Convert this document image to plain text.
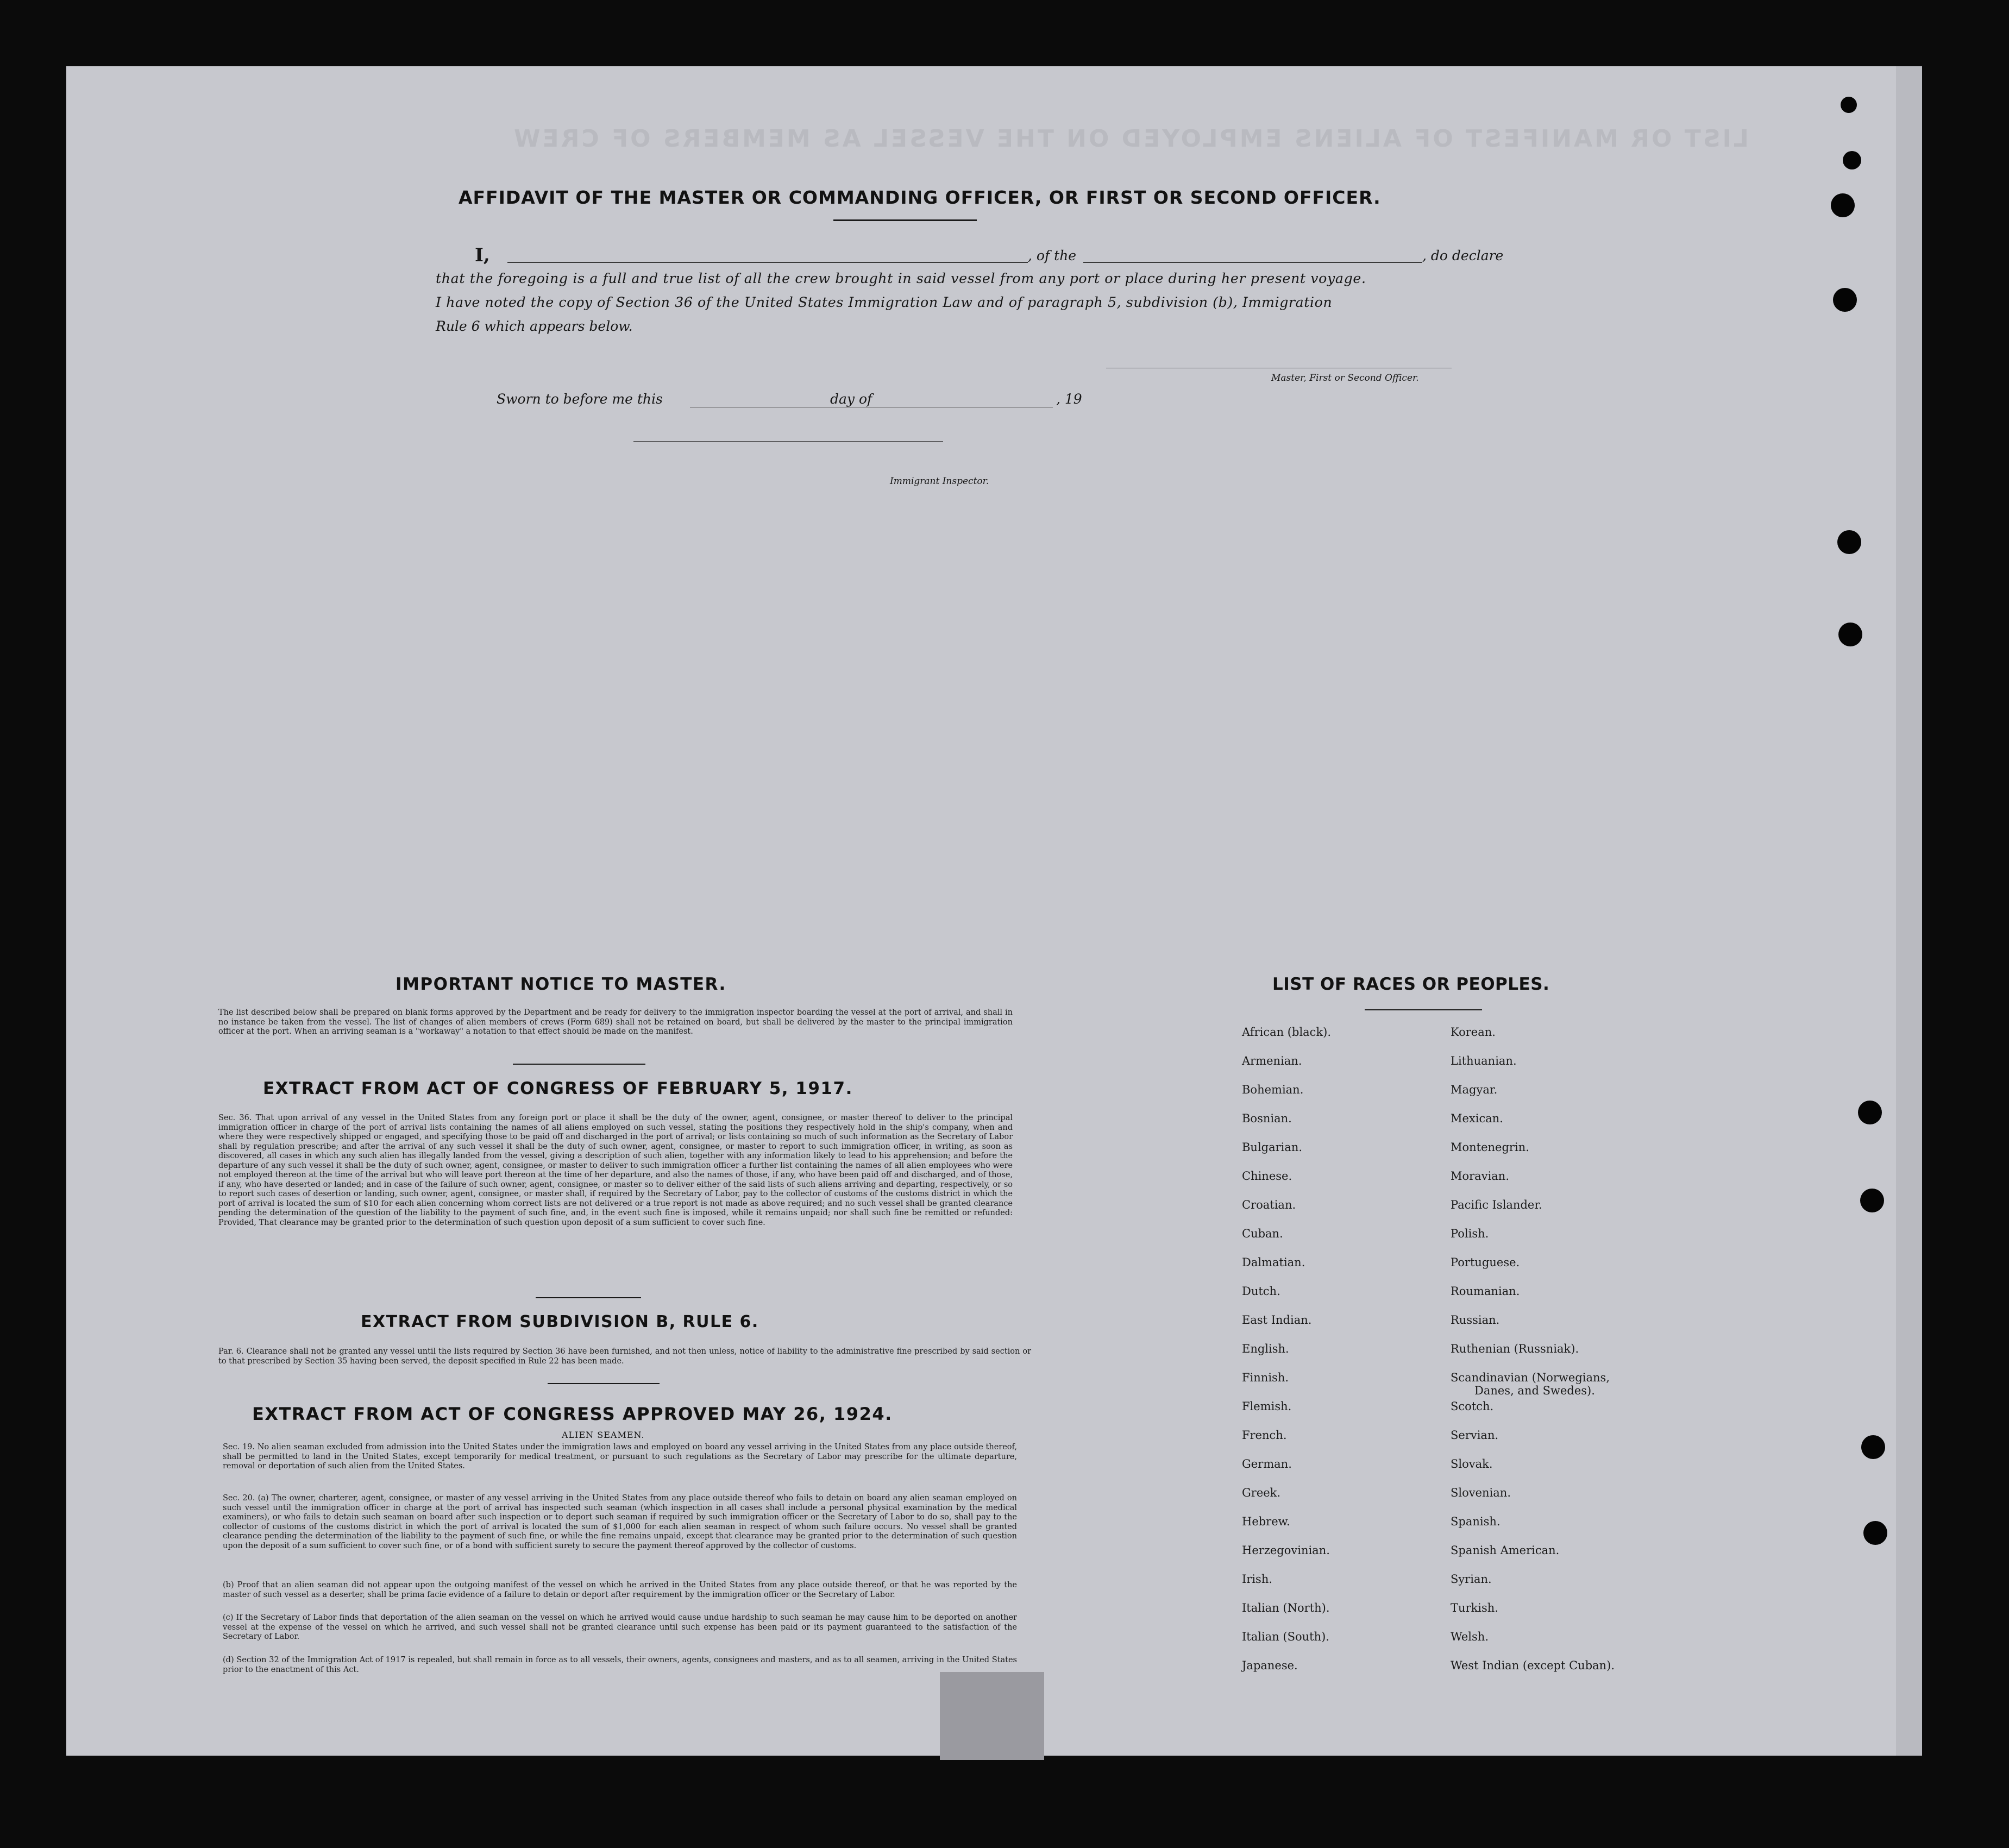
LIST OR MANIFEST OF ALIENS EMPLOYED ON THE VESSEL AS MEMBERS OF CREW
AFFIDAVIT OF THE MASTER OR COMMANDING OFFICER, OR FIRST OR SECOND OFFICER.
I,	, of the	, do declare
that the foregoing is a full and true list of all the crew brought in said vessel from any port or place during her present voyage.
I have noted the copy of Section 36 of the United States Immigration Law and of paragraph 5, subdivision (b), Immigration
Rule 6 which appears below.
Master, First or Second Officer.
Sworn to before me this	day of	, 19
Immigrant Inspector.
IMPORTANT NOTICE TO MASTER.
The list described below shall be prepared on blank forms approved by the Department and be ready for delivery to the immigration inspector boarding the vessel at the port of arrival, and shall in no instance be taken from the vessel. The list of changes of alien members of crews (Form 689) shall not be retained on board, but shall be delivered by the master to the principal immigration officer at the port. When an arriving seaman is a "workaway" a notation to that effect should be made on the manifest.
EXTRACT FROM ACT OF CONGRESS OF FEBRUARY 5, 1917.
Sec. 36. That upon arrival of any vessel in the United States from any foreign port or place it shall be the duty of the owner, agent, consignee, or master thereof to deliver to the principal immigration officer in charge of the port of arrival lists containing the names of all aliens employed on such vessel, stating the positions they respectively hold in the ship's company, when and where they were respectively shipped or engaged, and specifying those to be paid off and discharged in the port of arrival; or lists containing so much of such information as the Secretary of Labor shall by regulation prescribe; and after the arrival of any such vessel it shall be the duty of such owner, agent, consignee, or master to report to such immigration officer, in writing, as soon as discovered, all cases in which any such alien has illegally landed from the vessel, giving a description of such alien, together with any information likely to lead to his apprehension; and before the departure of any such vessel it shall be the duty of such owner, agent, consignee, or master to deliver to such immigration officer a further list containing the names of all alien employees who were not employed thereon at the time of the arrival but who will leave port thereon at the time of her departure, and also the names of those, if any, who have been paid off and discharged, and of those, if any, who have deserted or landed; and in case of the failure of such owner, agent, consignee, or master so to deliver either of the said lists of such aliens arriving and departing, respectively, or so to report such cases of desertion or landing, such owner, agent, consignee, or master shall, if required by the Secretary of Labor, pay to the collector of customs of the customs district in which the port of arrival is located the sum of $10 for each alien concerning whom correct lists are not delivered or a true report is not made as above required; and no such vessel shall be granted clearance pending the determination of the question of the liability to the payment of such fine, and, in the event such fine is imposed, while it remains unpaid; nor shall such fine be remitted or refunded: Provided, That clearance may be granted prior to the determination of such question upon deposit of a sum sufficient to cover such fine.
EXTRACT FROM SUBDIVISION B, RULE 6.
Par. 6. Clearance shall not be granted any vessel until the lists required by Section 36 have been furnished, and not then unless, notice of liability to the administrative fine prescribed by said section or to that prescribed by Section 35 having been served, the deposit specified in Rule 22 has been made.
EXTRACT FROM ACT OF CONGRESS APPROVED MAY 26, 1924.
ALIEN SEAMEN.
Sec. 19. No alien seaman excluded from admission into the United States under the immigration laws and employed on board any vessel arriving in the United States from any place outside thereof, shall be permitted to land in the United States, except temporarily for medical treatment, or pursuant to such regulations as the Secretary of Labor may prescribe for the ultimate departure, removal or deportation of such alien from the United States.
Sec. 20. (a) The owner, charterer, agent, consignee, or master of any vessel arriving in the United States from any place outside thereof who fails to detain on board any alien seaman employed on such vessel until the immigration officer in charge at the port of arrival has inspected such seaman (which inspection in all cases shall include a personal physical examination by the medical examiners), or who fails to detain such seaman on board after such inspection or to deport such seaman if required by such immigration officer or the Secretary of Labor to do so, shall pay to the collector of customs of the customs district in which the port of arrival is located the sum of $1,000 for each alien seaman in respect of whom such failure occurs. No vessel shall be granted clearance pending the determination of the liability to the payment of such fine, or while the fine remains unpaid, except that clearance may be granted prior to the determination of such question upon the deposit of a sum sufficient to cover such fine, or of a bond with sufficient surety to secure the payment thereof approved by the collector of customs.
(b) Proof that an alien seaman did not appear upon the outgoing manifest of the vessel on which he arrived in the United States from any place outside thereof, or that he was reported by the master of such vessel as a deserter, shall be prima facie evidence of a failure to detain or deport after requirement by the immigration officer or the Secretary of Labor.
(c) If the Secretary of Labor finds that deportation of the alien seaman on the vessel on which he arrived would cause undue hardship to such seaman he may cause him to be deported on another vessel at the expense of the vessel on which he arrived, and such vessel shall not be granted clearance until such expense has been paid or its payment guaranteed to the satisfaction of the Secretary of Labor.
(d) Section 32 of the Immigration Act of 1917 is repealed, but shall remain in force as to all vessels, their owners, agents, consignees and masters, and as to all seamen, arriving in the United States prior to the enactment of this Act.
LIST OF RACES OR PEOPLES.
African (black).
Armenian.
Bohemian.
Bosnian.
Bulgarian.
Chinese.
Croatian.
Cuban.
Dalmatian.
Dutch.
East Indian.
English.
Finnish.
Flemish.
French.
German.
Greek.
Hebrew.
Herzegovinian.
Irish.
Italian (North).
Italian (South).
Japanese.
Korean.
Lithuanian.
Magyar.
Mexican.
Montenegrin.
Moravian.
Pacific Islander.
Polish.
Portuguese.
Roumanian.
Russian.
Ruthenian (Russniak).
Scandinavian (Norwegians,
Danes, and Swedes).
Scotch.
Servian.
Slovak.
Slovenian.
Spanish.
Spanish American.
Syrian.
Turkish.
Welsh.
West Indian (except Cuban).
